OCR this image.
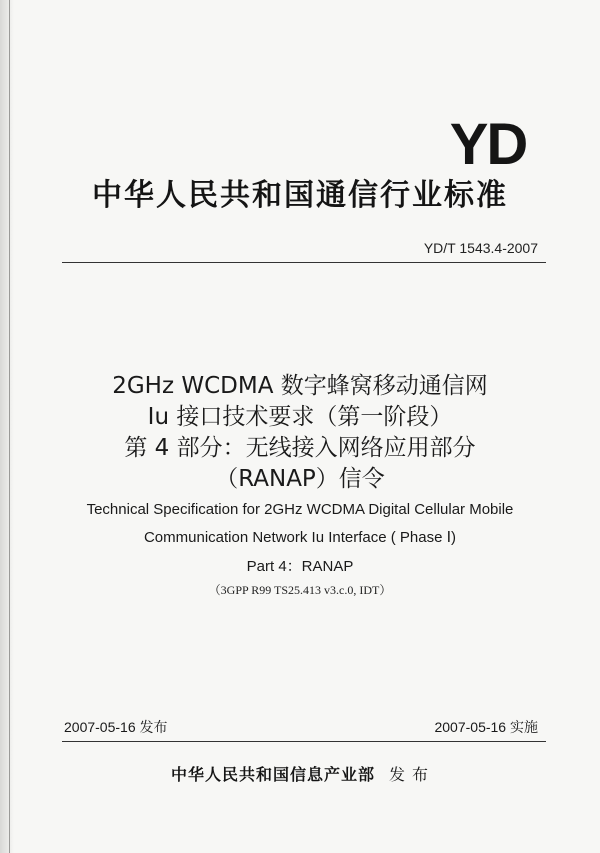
YD
中华人民共和国通信行业标准
YD/T 1543.4-2007
2GHz WCDMA 数字蜂窝移动通信网
Iu 接口技术要求（第一阶段）
第 4 部分：无线接入网络应用部分
（RANAP）信令
Technical Specification for 2GHz WCDMA Digital Cellular Mobile
Communication Network Iu Interface ( Phase Ⅰ)
Part 4：RANAP
（3GPP R99 TS25.413 v3.c.0, IDT）
2007-05-16 发布	2007-05-16 实施
中华人民共和国信息产业部 发 布
